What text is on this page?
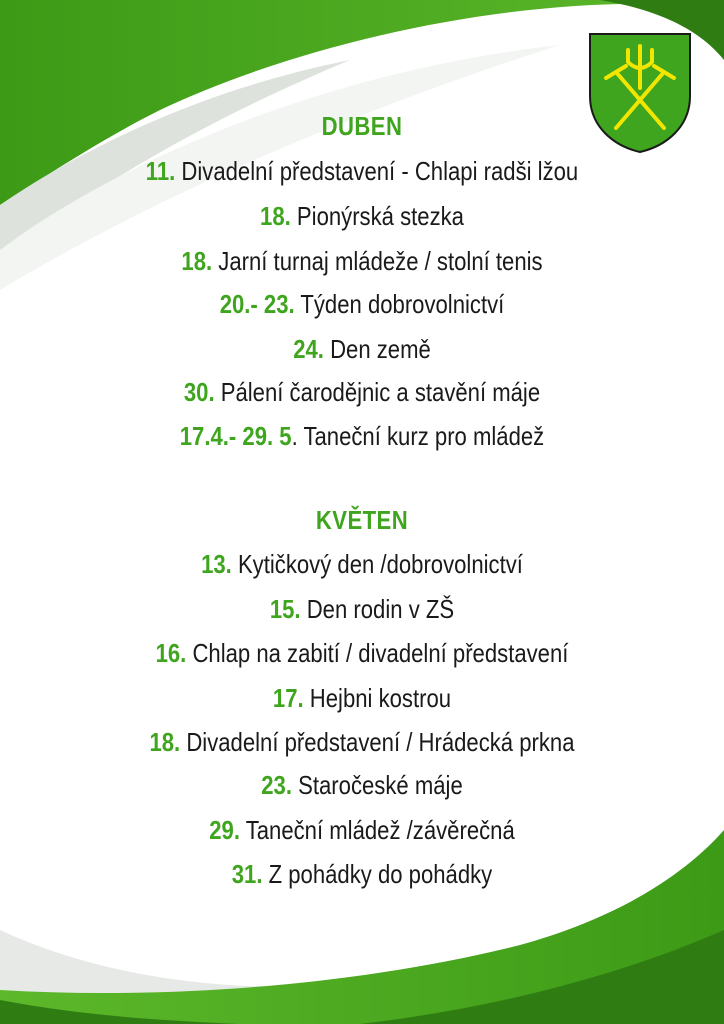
DUBEN
11. Divadelní představení - Chlapi radši lžou
18. Pionýrská stezka
18. Jarní turnaj mládeže / stolní tenis
20.- 23. Týden dobrovolnictví
24. Den země
30. Pálení čarodějnic a stavění máje
17.4.- 29. 5. Taneční kurz pro mládež
KVĚTEN
13. Kytičkový den /dobrovolnictví
15. Den rodin v ZŠ
16. Chlap na zabití / divadelní představení
17. Hejbni kostrou
18. Divadelní představení / Hrádecká prkna
23. Staročeské máje
29. Taneční mládež /závěrečná
31. Z pohádky do pohádky
